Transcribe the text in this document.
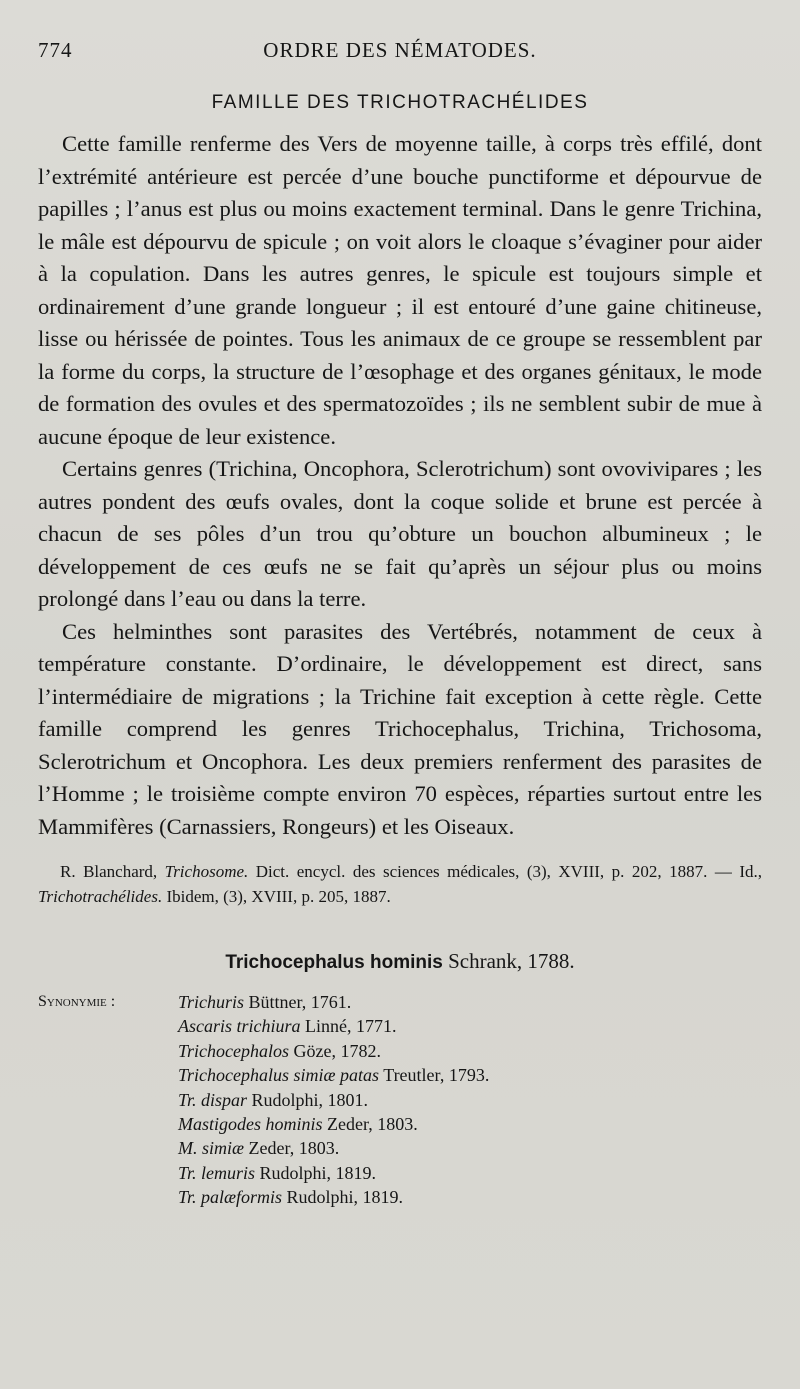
774	ORDRE DES NÉMATODES.
FAMILLE DES TRICHOTRACHÉLIDES

Cette famille renferme des Vers de moyenne taille, à corps très effilé, dont l’extrémité antérieure est percée d’une bouche punctiforme et dépourvue de papilles ; l’anus est plus ou moins exactement terminal. Dans le genre Trichina, le mâle est dépourvu de spicule ; on voit alors le cloaque s’évaginer pour aider à la copulation. Dans les autres genres, le spicule est toujours simple et ordinairement d’une grande longueur ; il est entouré d’une gaine chitineuse, lisse ou hérissée de pointes. Tous les animaux de ce groupe se ressemblent par la forme du corps, la structure de l’œsophage et des organes génitaux, le mode de formation des ovules et des spermatozoïdes ; ils ne semblent subir de mue à aucune époque de leur existence.

Certains genres (Trichina, Oncophora, Sclerotrichum) sont ovovivipares ; les autres pondent des œufs ovales, dont la coque solide et brune est percée à chacun de ses pôles d’un trou qu’obture un bouchon albumineux ; le développement de ces œufs ne se fait qu’après un séjour plus ou moins prolongé dans l’eau ou dans la terre.

Ces helminthes sont parasites des Vertébrés, notamment de ceux à température constante. D’ordinaire, le développement est direct, sans l’intermédiaire de migrations ; la Trichine fait exception à cette règle. Cette famille comprend les genres Trichocephalus, Trichina, Trichosoma, Sclerotrichum et Oncophora. Les deux premiers renferment des parasites de l’Homme ; le troisième compte environ 70 espèces, réparties surtout entre les Mammifères (Carnassiers, Rongeurs) et les Oiseaux.

R. Blanchard, Trichosome. Dict. encycl. des sciences médicales, (3), XVIII, p. 202, 1887. — Id., Trichotrachélides. Ibidem, (3), XVIII, p. 205, 1887.

Trichocephalus hominis Schrank, 1788.
Synonymie :	Trichuris Büttner, 1761.

Ascaris trichiura Linné, 1771.

Trichocephalos Göze, 1782.

Trichocephalus simiæ patas Treutler, 1793.

Tr. dispar Rudolphi, 1801.

Mastigodes hominis Zeder, 1803.

M. simiæ Zeder, 1803.

Tr. lemuris Rudolphi, 1819.

Tr. palæformis Rudolphi, 1819.
